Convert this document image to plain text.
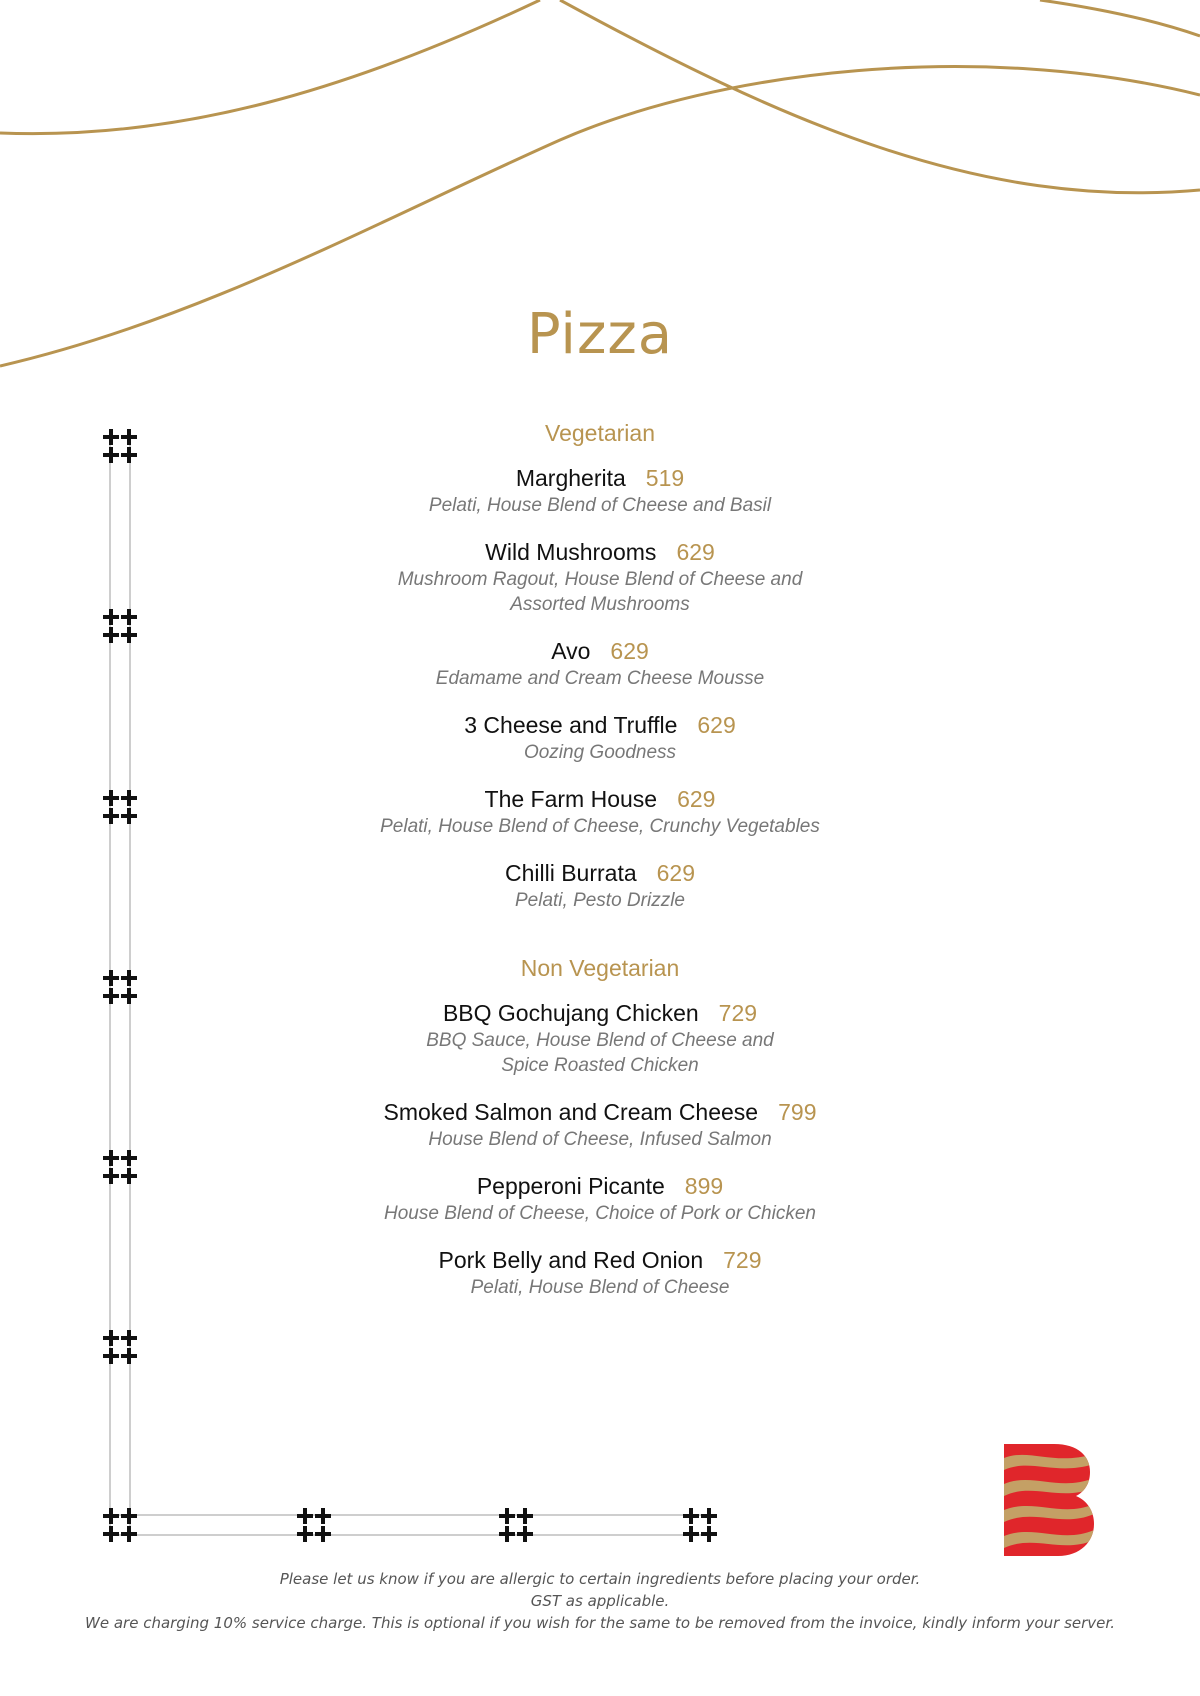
Pizza
Vegetarian
Margherita 519
Pelati, House Blend of Cheese and Basil
Wild Mushrooms 629
Mushroom Ragout, House Blend of Cheese and
Assorted Mushrooms
Avo 629
Edamame and Cream Cheese Mousse
3 Cheese and Truffle 629
Oozing Goodness
The Farm House 629
Pelati, House Blend of Cheese, Crunchy Vegetables
Chilli Burrata 629
Pelati, Pesto Drizzle
Non Vegetarian
BBQ Gochujang Chicken 729
BBQ Sauce, House Blend of Cheese and
Spice Roasted Chicken
Smoked Salmon and Cream Cheese 799
House Blend of Cheese, Infused Salmon
Pepperoni Picante 899
House Blend of Cheese, Choice of Pork or Chicken
Pork Belly and Red Onion 729
Pelati, House Blend of Cheese
Please let us know if you are allergic to certain ingredients before placing your order.
GST as applicable.
We are charging 10% service charge. This is optional if you wish for the same to be removed from the invoice, kindly inform your server.
